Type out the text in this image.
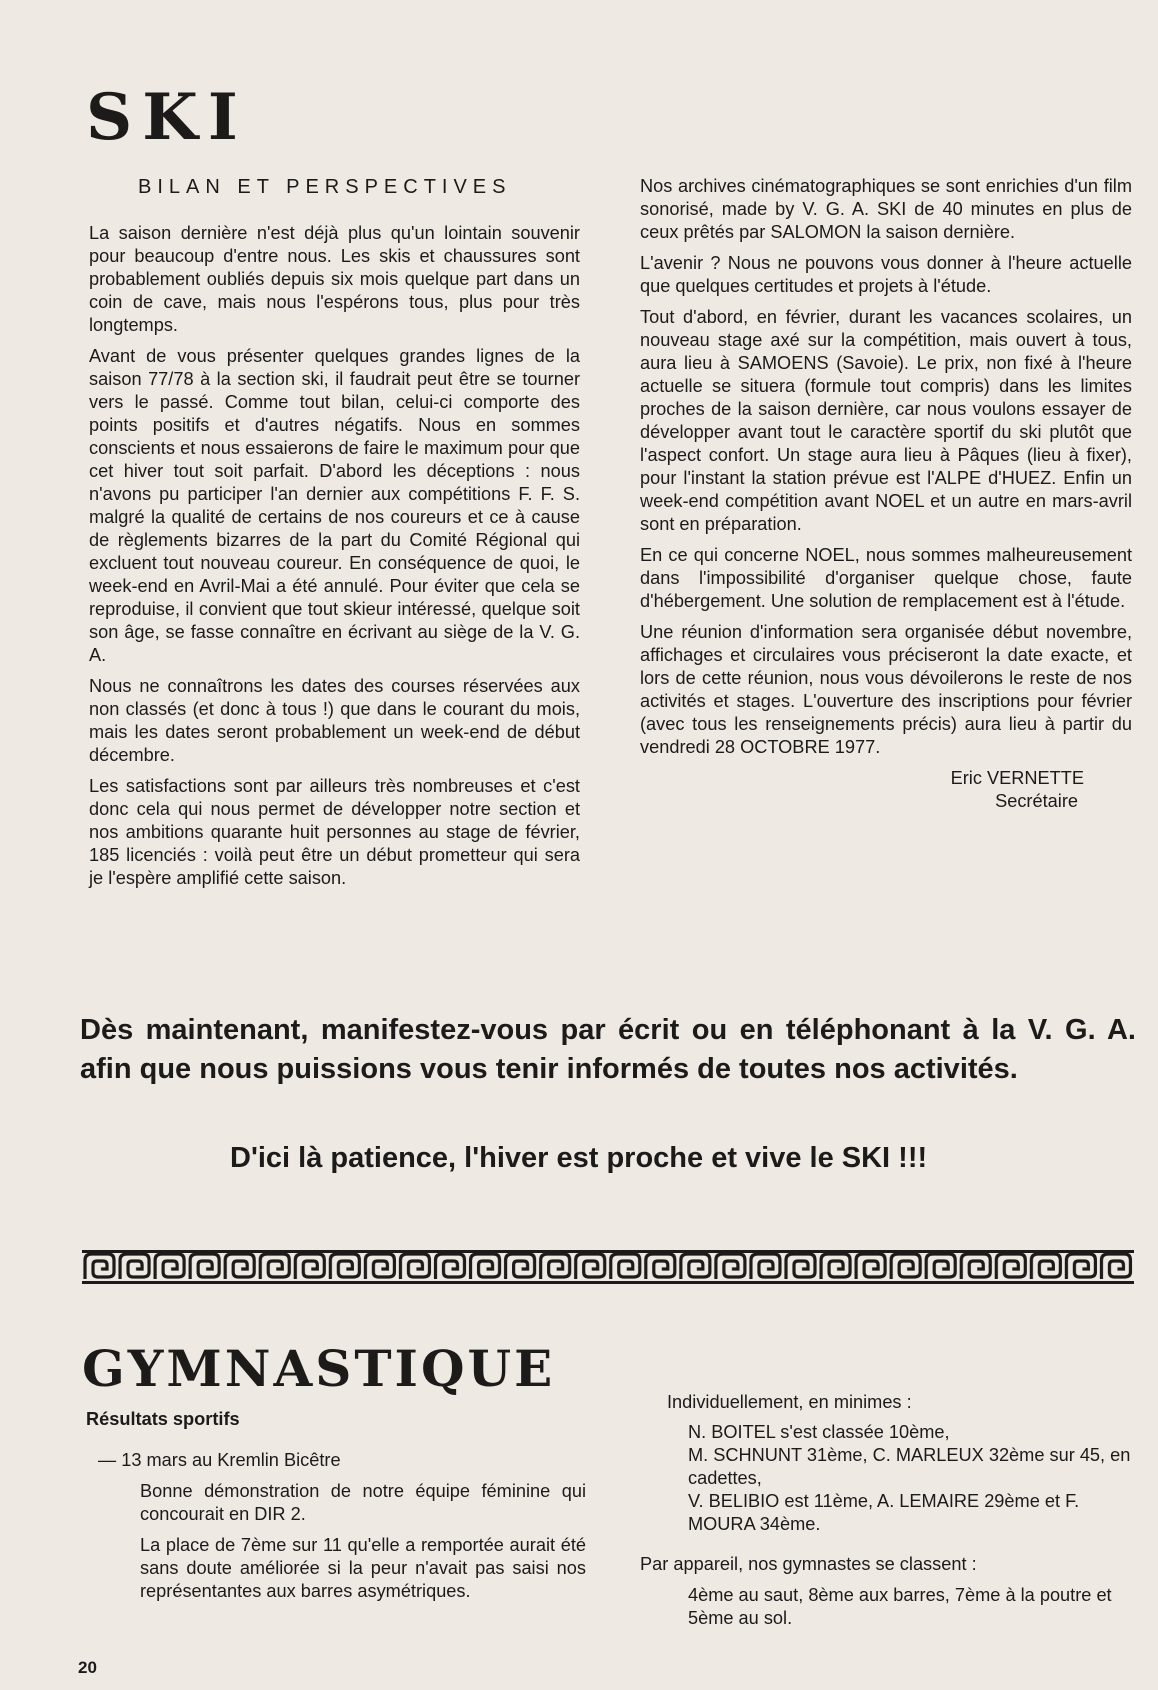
SKI
BILAN ET PERSPECTIVES

La saison dernière n'est déjà plus qu'un lointain souvenir pour beaucoup d'entre nous. Les skis et chaussures sont probablement oubliés depuis six mois quelque part dans un coin de cave, mais nous l'espérons tous, plus pour très longtemps.

Avant de vous présenter quelques grandes lignes de la saison 77/78 à la section ski, il faudrait peut être se tourner vers le passé. Comme tout bilan, celui-ci comporte des points positifs et d'autres négatifs. Nous en sommes conscients et nous essaierons de faire le maximum pour que cet hiver tout soit parfait. D'abord les déceptions : nous n'avons pu participer l'an dernier aux compétitions F. F. S. malgré la qualité de certains de nos coureurs et ce à cause de règlements bizarres de la part du Comité Régional qui excluent tout nouveau coureur. En conséquence de quoi, le week-end en Avril-Mai a été annulé. Pour éviter que cela se reproduise, il convient que tout skieur intéressé, quelque soit son âge, se fasse connaître en écrivant au siège de la V. G. A.

Nous ne connaîtrons les dates des courses réservées aux non classés (et donc à tous !) que dans le courant du mois, mais les dates seront probablement un week-end de début décembre.

Les satisfactions sont par ailleurs très nombreuses et c'est donc cela qui nous permet de développer notre section et nos ambitions quarante huit personnes au stage de février, 185 licenciés : voilà peut être un début prometteur qui sera je l'espère amplifié cette saison.

Nos archives cinématographiques se sont enrichies d'un film sonorisé, made by V. G. A. SKI de 40 minutes en plus de ceux prêtés par SALOMON la saison dernière.

L'avenir ? Nous ne pouvons vous donner à l'heure actuelle que quelques certitudes et projets à l'étude.

Tout d'abord, en février, durant les vacances scolaires, un nouveau stage axé sur la compétition, mais ouvert à tous, aura lieu à SAMOENS (Savoie). Le prix, non fixé à l'heure actuelle se situera (formule tout compris) dans les limites proches de la saison dernière, car nous voulons essayer de développer avant tout le caractère sportif du ski plutôt que l'aspect confort. Un stage aura lieu à Pâques (lieu à fixer), pour l'instant la station prévue est l'ALPE d'HUEZ. Enfin un week-end compétition avant NOEL et un autre en mars-avril sont en préparation.

En ce qui concerne NOEL, nous sommes malheureusement dans l'impossibilité d'organiser quelque chose, faute d'hébergement. Une solution de remplacement est à l'étude.

Une réunion d'information sera organisée début novembre, affichages et circulaires vous préciseront la date exacte, et lors de cette réunion, nous vous dévoilerons le reste de nos activités et stages. L'ouverture des inscriptions pour février (avec tous les renseignements précis) aura lieu à partir du vendredi 28 OCTOBRE 1977.

Eric VERNETTE
Secrétaire
Dès maintenant, manifestez-vous par écrit ou en téléphonant à la V. G. A. afin que nous puissions vous tenir informés de toutes nos activités.
D'ici là patience, l'hiver est proche et vive le SKI !!!
GYMNASTIQUE
Résultats sportifs
— 13 mars au Kremlin Bicêtre

Bonne démonstration de notre équipe féminine qui concourait en DIR 2.

La place de 7ème sur 11 qu'elle a remportée aurait été sans doute améliorée si la peur n'avait pas saisi nos représentantes aux barres asymétriques.

Individuellement, en minimes :

N. BOITEL s'est classée 10ème,

M. SCHNUNT 31ème, C. MARLEUX 32ème sur 45, en cadettes,

V. BELIBIO est 11ème, A. LEMAIRE 29ème et F. MOURA 34ème.

Par appareil, nos gymnastes se classent :

4ème au saut, 8ème aux barres, 7ème à la poutre et 5ème au sol.

20
